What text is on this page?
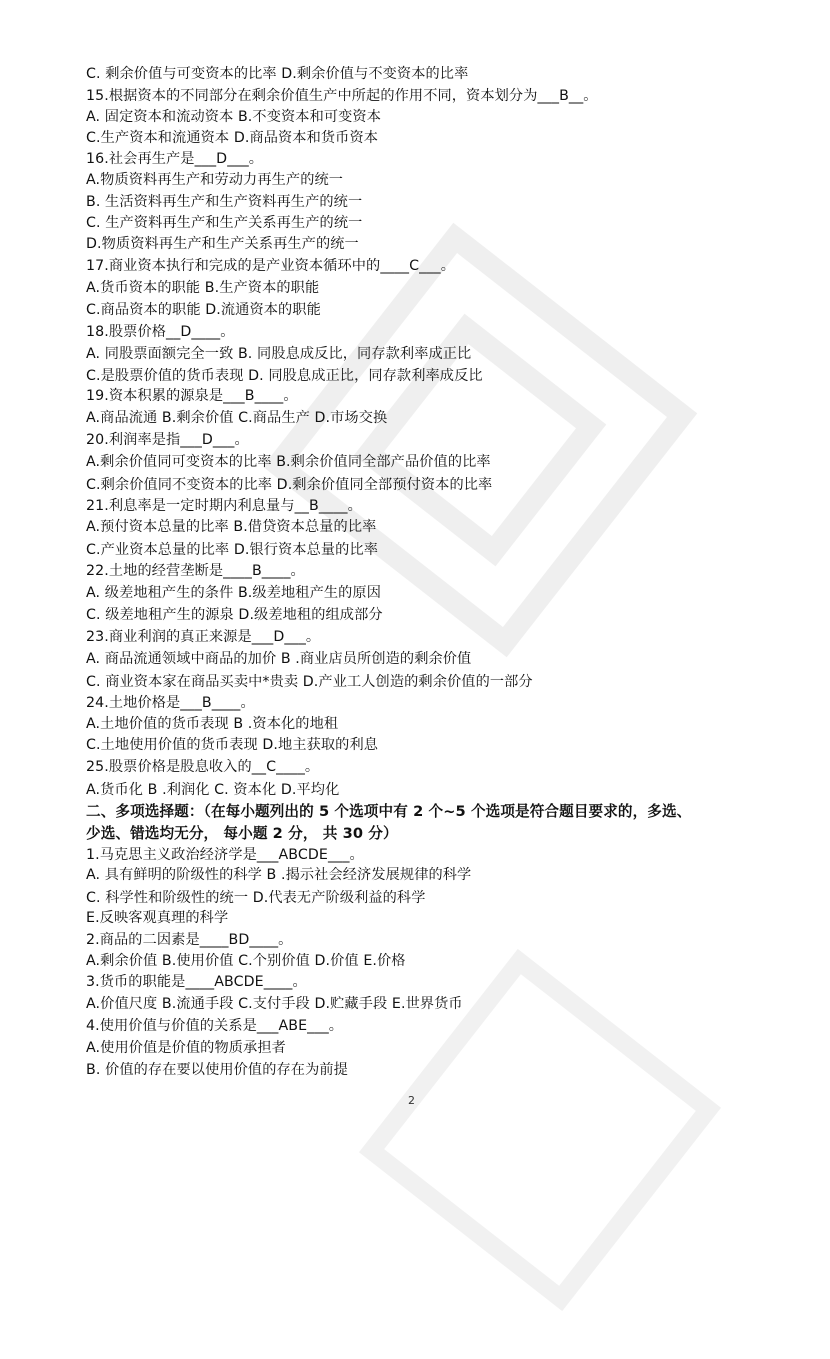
C. 剩余价值与可变资本的比率 D.剩余价值与不变资本的比率
15.根据资本的不同部分在剩余价值生产中所起的作用不同，资本划分为___B__。
A. 固定资本和流动资本 B.不变资本和可变资本
C.生产资本和流通资本 D.商品资本和货币资本
16.社会再生产是___D___。
A.物质资料再生产和劳动力再生产的统一
B. 生活资料再生产和生产资料再生产的统一
C. 生产资料再生产和生产关系再生产的统一
D.物质资料再生产和生产关系再生产的统一
17.商业资本执行和完成的是产业资本循环中的____C___。
A.货币资本的职能 B.生产资本的职能
C.商品资本的职能 D.流通资本的职能
18.股票价格__D____。
A. 同股票面额完全一致 B. 同股息成反比，同存款利率成正比
C.是股票价值的货币表现 D. 同股息成正比，同存款利率成反比
19.资本积累的源泉是___B____。
A.商品流通 B.剩余价值 C.商品生产 D.市场交换
20.利润率是指___D___。
A.剩余价值同可变资本的比率 B.剩余价值同全部产品价值的比率
C.剩余价值同不变资本的比率 D.剩余价值同全部预付资本的比率
21.利息率是一定时期内利息量与__B____。
A.预付资本总量的比率 B.借贷资本总量的比率
C.产业资本总量的比率 D.银行资本总量的比率
22.土地的经营垄断是____B____。
A. 级差地租产生的条件 B.级差地租产生的原因
C. 级差地租产生的源泉 D.级差地租的组成部分
23.商业利润的真正来源是___D___。
A. 商品流通领域中商品的加价 B .商业店员所创造的剩余价值
C. 商业资本家在商品买卖中*贵卖 D.产业工人创造的剩余价值的一部分
24.土地价格是___B____。
A.土地价值的货币表现 B .资本化的地租
C.土地使用价值的货币表现 D.地主获取的利息
25.股票价格是股息收入的__C____。
A.货币化 B .利润化 C. 资本化 D.平均化
二、多项选择题：（在每小题列出的 5 个选项中有 2 个~5 个选项是符合题目要求的，多选、
少选、错选均无分， 每小题 2 分， 共 30 分）
1.马克思主义政治经济学是___ABCDE___。
A. 具有鲜明的阶级性的科学 B .揭示社会经济发展规律的科学
C. 科学性和阶级性的统一 D.代表无产阶级利益的科学
E.反映客观真理的科学
2.商品的二因素是____BD____。
A.剩余价值 B.使用价值 C.个别价值 D.价值 E.价格
3.货币的职能是____ABCDE____。
A.价值尺度 B.流通手段 C.支付手段 D.贮藏手段 E.世界货币
4.使用价值与价值的关系是___ABE___。
A.使用价值是价值的物质承担者
B. 价值的存在要以使用价值的存在为前提
2
